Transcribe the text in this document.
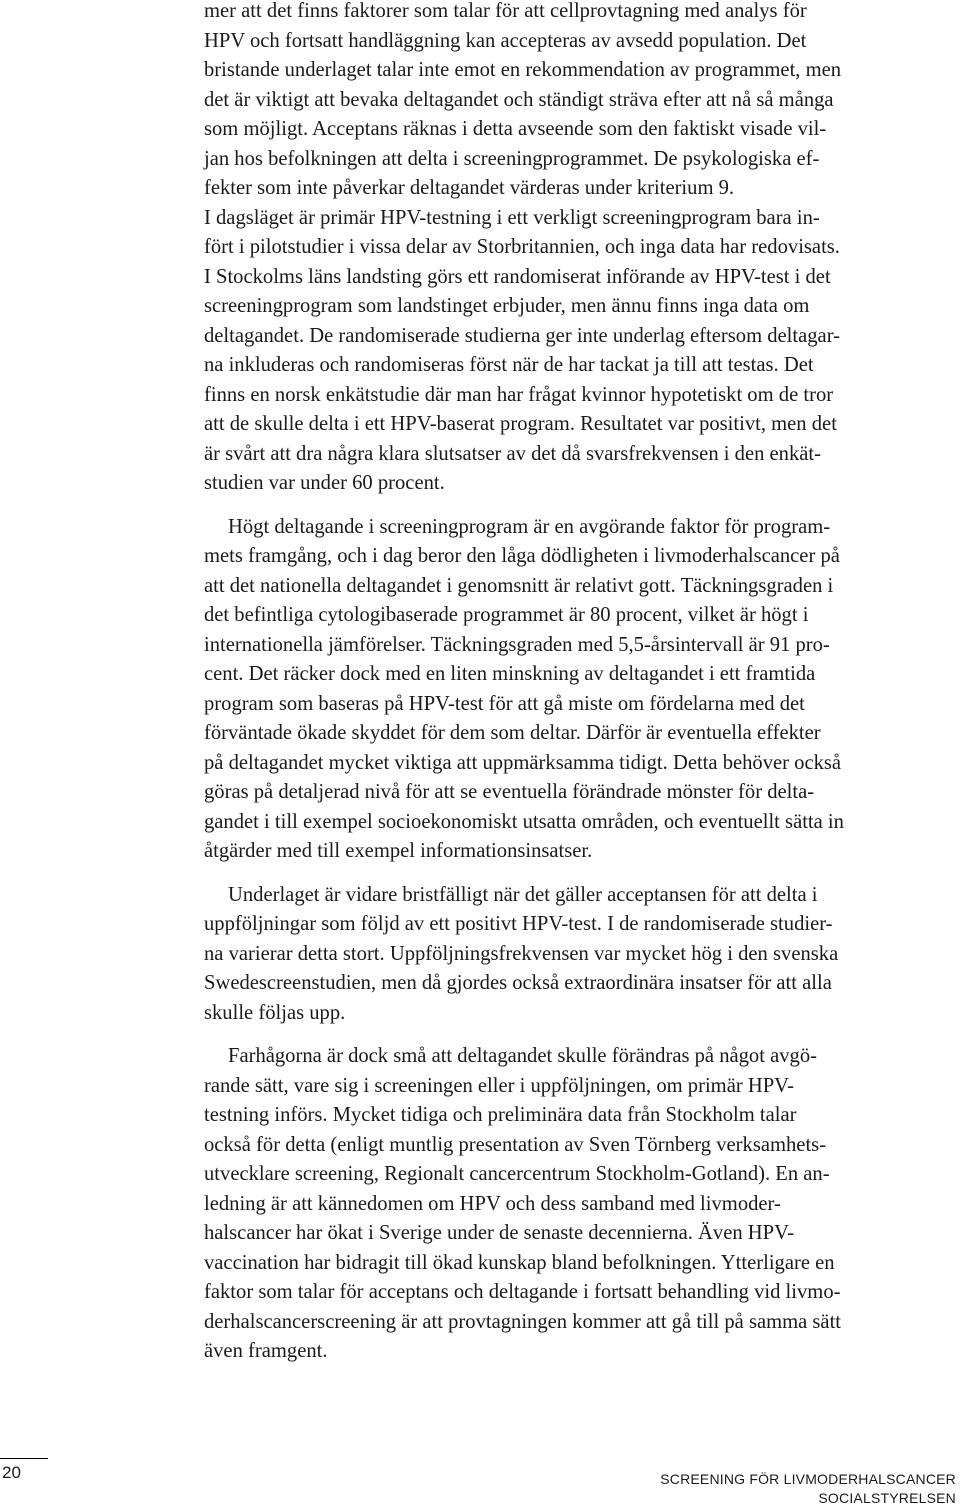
mer att det finns faktorer som talar för att cellprovtagning med analys för
HPV och fortsatt handläggning kan accepteras av avsedd population. Det
bristande underlaget talar inte emot en rekommendation av programmet, men
det är viktigt att bevaka deltagandet och ständigt sträva efter att nå så många
som möjligt. Acceptans räknas i detta avseende som den faktiskt visade vil-
jan hos befolkningen att delta i screeningprogrammet. De psykologiska ef-
fekter som inte påverkar deltagandet värderas under kriterium 9.

I dagsläget är primär HPV-testning i ett verkligt screeningprogram bara in-
fört i pilotstudier i vissa delar av Storbritannien, och inga data har redovisats.
I Stockolms läns landsting görs ett randomiserat införande av HPV-test i det
screeningprogram som landstinget erbjuder, men ännu finns inga data om
deltagandet. De randomiserade studierna ger inte underlag eftersom deltagar-
na inkluderas och randomiseras först när de har tackat ja till att testas. Det
finns en norsk enkätstudie där man har frågat kvinnor hypotetiskt om de tror
att de skulle delta i ett HPV-baserat program. Resultatet var positivt, men det
är svårt att dra några klara slutsatser av det då svarsfrekvensen i den enkät-
studien var under 60 procent.

Högt deltagande i screeningprogram är en avgörande faktor för program-
mets framgång, och i dag beror den låga dödligheten i livmoderhalscancer på
att det nationella deltagandet i genomsnitt är relativt gott. Täckningsgraden i
det befintliga cytologibaserade programmet är 80 procent, vilket är högt i
internationella jämförelser. Täckningsgraden med 5,5-årsintervall är 91 pro-
cent. Det räcker dock med en liten minskning av deltagandet i ett framtida
program som baseras på HPV-test för att gå miste om fördelarna med det
förväntade ökade skyddet för dem som deltar. Därför är eventuella effekter
på deltagandet mycket viktiga att uppmärksamma tidigt. Detta behöver också
göras på detaljerad nivå för att se eventuella förändrade mönster för delta-
gandet i till exempel socioekonomiskt utsatta områden, och eventuellt sätta in
åtgärder med till exempel informationsinsatser.

Underlaget är vidare bristfälligt när det gäller acceptansen för att delta i
uppföljningar som följd av ett positivt HPV-test. I de randomiserade studier-
na varierar detta stort. Uppföljningsfrekvensen var mycket hög i den svenska
Swedescreenstudien, men då gjordes också extraordinära insatser för att alla
skulle följas upp.

Farhågorna är dock små att deltagandet skulle förändras på något avgö-
rande sätt, vare sig i screeningen eller i uppföljningen, om primär HPV-
testning införs. Mycket tidiga och preliminära data från Stockholm talar
också för detta (enligt muntlig presentation av Sven Törnberg verksamhets-
utvecklare screening, Regionalt cancercentrum Stockholm-Gotland). En an-
ledning är att kännedomen om HPV och dess samband med livmoder-
halscancer har ökat i Sverige under de senaste decennierna. Även HPV-
vaccination har bidragit till ökad kunskap bland befolkningen. Ytterligare en
faktor som talar för acceptans och deltagande i fortsatt behandling vid livmo-
derhalscancerscreening är att provtagningen kommer att gå till på samma sätt
även framgent.

20	SCREENING FÖR LIVMODERHALSCANCER
SOCIALSTYRELSEN
